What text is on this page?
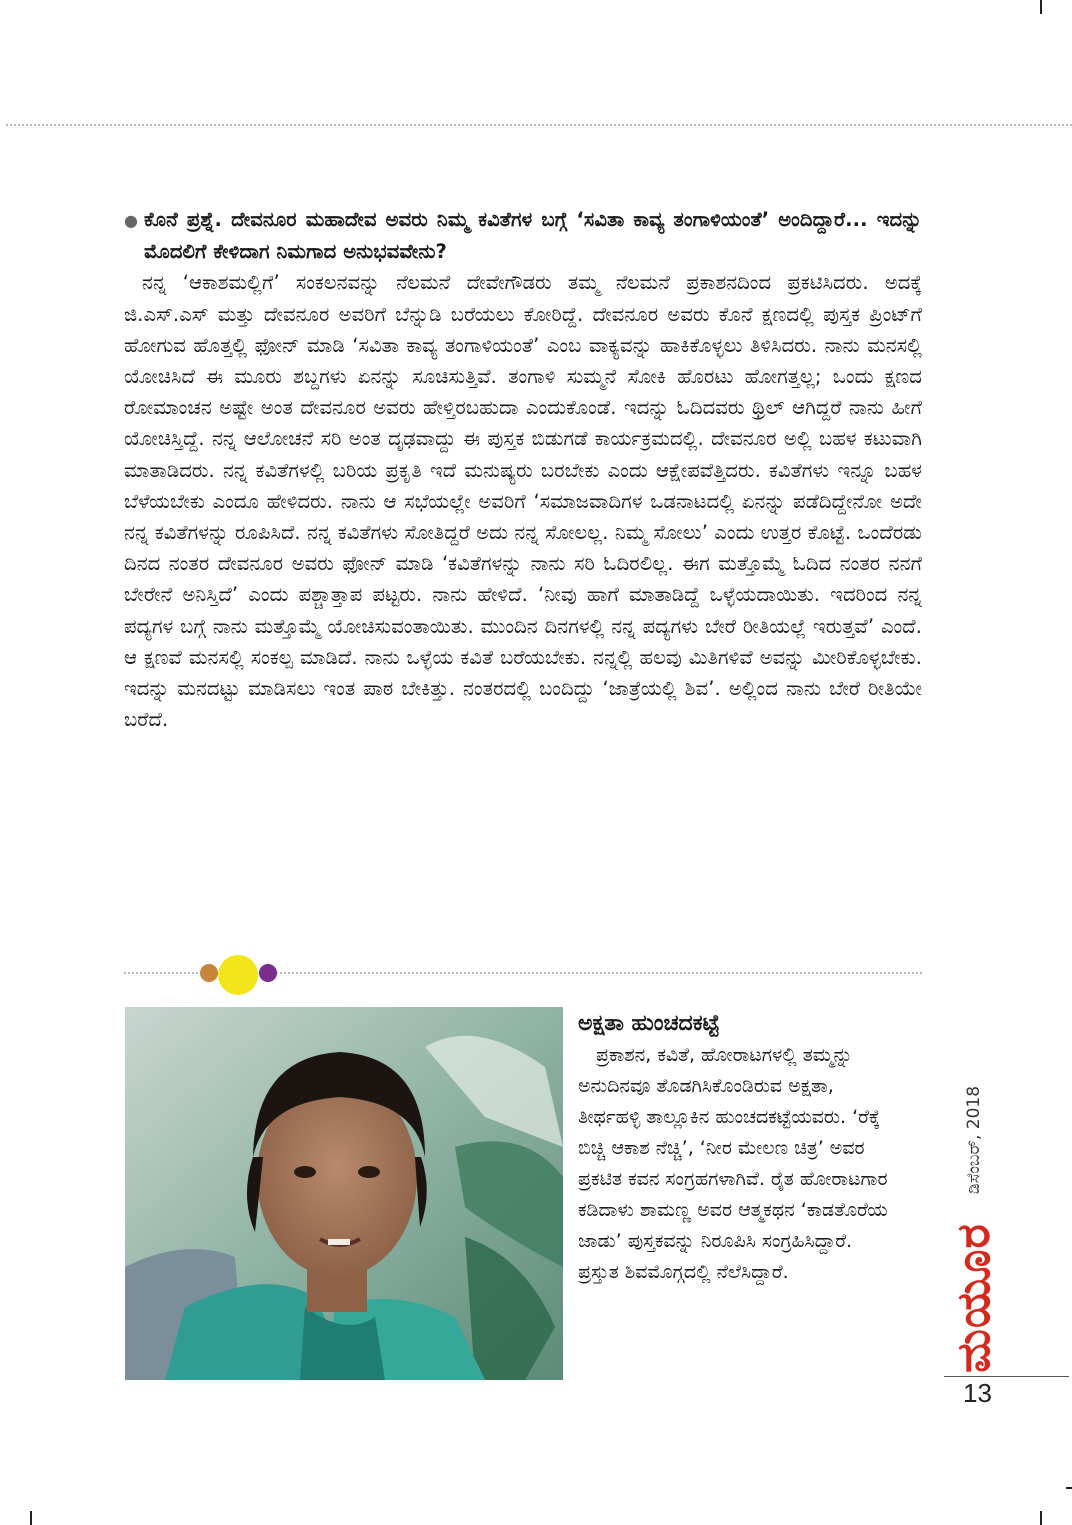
● ಕೊನೆ ಪ್ರಶ್ನೆ. ದೇವನೂರ ಮಹಾದೇವ ಅವರು ನಿಮ್ಮ ಕವಿತೆಗಳ ಬಗ್ಗೆ ‘ಸವಿತಾ ಕಾವ್ಯ ತಂಗಾಳಿಯಂತೆ’ ಅಂದಿದ್ದಾರೆ... ಇದನ್ನು ಮೊದಲಿಗೆ ಕೇಳಿದಾಗ ನಿಮಗಾದ ಅನುಭವವೇನು?

ನನ್ನ ‘ಆಕಾಶಮಲ್ಲಿಗೆ’ ಸಂಕಲನವನ್ನು ನೆಲಮನೆ ದೇವೇಗೌಡರು ತಮ್ಮ ನೆಲಮನೆ ಪ್ರಕಾಶನದಿಂದ ಪ್ರಕಟಿಸಿದರು. ಅದಕ್ಕೆ ಜಿ.ಎಸ್.ಎಸ್ ಮತ್ತು ದೇವನೂರ ಅವರಿಗೆ ಬೆನ್ನುಡಿ ಬರೆಯಲು ಕೋರಿದ್ದೆ. ದೇವನೂರ ಅವರು ಕೊನೆ ಕ್ಷಣದಲ್ಲಿ ಪುಸ್ತಕ ಪ್ರಿಂಟ್‌ಗೆ ಹೋಗುವ ಹೊತ್ತಲ್ಲಿ ಫೋನ್ ಮಾಡಿ ‘ಸವಿತಾ ಕಾವ್ಯ ತಂಗಾಳಿಯಂತೆ’ ಎಂಬ ವಾಕ್ಯವನ್ನು ಹಾಕಿಕೊಳ್ಳಲು ತಿಳಿಸಿದರು. ನಾನು ಮನಸಲ್ಲಿ ಯೋಚಿಸಿದೆ ಈ ಮೂರು ಶಬ್ದಗಳು ಏನನ್ನು ಸೂಚಿಸುತ್ತಿವೆ. ತಂಗಾಳಿ ಸುಮ್ಮನೆ ಸೋಕಿ ಹೊರಟು ಹೋಗತ್ತಲ್ಲ; ಒಂದು ಕ್ಷಣದ ರೋಮಾಂಚನ ಅಷ್ಟೇ ಅಂತ ದೇವನೂರ ಅವರು ಹೇಳ್ತಿರಬಹುದಾ ಎಂದುಕೊಂಡೆ. ಇದನ್ನು ಓದಿದವರು ಥ್ರಿಲ್ ಆಗಿದ್ದರೆ ನಾನು ಹೀಗೆ ಯೋಚಿಸ್ತಿದ್ದೆ. ನನ್ನ ಆಲೋಚನೆ ಸರಿ ಅಂತ ದೃಢವಾದ್ದು ಈ ಪುಸ್ತಕ ಬಿಡುಗಡೆ ಕಾರ್ಯಕ್ರಮದಲ್ಲಿ. ದೇವನೂರ ಅಲ್ಲಿ ಬಹಳ ಕಟುವಾಗಿ ಮಾತಾಡಿದರು. ನನ್ನ ಕವಿತೆಗಳಲ್ಲಿ ಬರಿಯ ಪ್ರಕೃತಿ ಇದೆ ಮನುಷ್ಯರು ಬರಬೇಕು ಎಂದು ಆಕ್ಷೇಪವೆತ್ತಿದರು. ಕವಿತೆಗಳು ಇನ್ನೂ ಬಹಳ ಬೆಳೆಯಬೇಕು ಎಂದೂ ಹೇಳಿದರು. ನಾನು ಆ ಸಭೆಯಲ್ಲೇ ಅವರಿಗೆ ‘ಸಮಾಜವಾದಿಗಳ ಒಡನಾಟದಲ್ಲಿ ಏನನ್ನು ಪಡೆದಿದ್ದೇನೋ ಅದೇ ನನ್ನ ಕವಿತೆಗಳನ್ನು ರೂಪಿಸಿದೆ. ನನ್ನ ಕವಿತೆಗಳು ಸೋತಿದ್ದರೆ ಅದು ನನ್ನ ಸೋಲಲ್ಲ. ನಿಮ್ಮ ಸೋಲು’ ಎಂದು ಉತ್ತರ ಕೊಟ್ಟೆ. ಒಂದೆರಡು ದಿನದ ನಂತರ ದೇವನೂರ ಅವರು ಫೋನ್ ಮಾಡಿ ‘ಕವಿತೆಗಳನ್ನು ನಾನು ಸರಿ ಓದಿರಲಿಲ್ಲ. ಈಗ ಮತ್ತೊಮ್ಮೆ ಓದಿದ ನಂತರ ನನಗೆ ಬೇರೇನೆ ಅನಿಸ್ತಿದೆ’ ಎಂದು ಪಶ್ಚಾತ್ತಾಪ ಪಟ್ಟರು. ನಾನು ಹೇಳಿದೆ. ‘ನೀವು ಹಾಗೆ ಮಾತಾಡಿದ್ದೆ ಒಳ್ಳೆಯದಾಯಿತು. ಇದರಿಂದ ನನ್ನ ಪದ್ಯಗಳ ಬಗ್ಗೆ ನಾನು ಮತ್ತೊಮ್ಮೆ ಯೋಚಿಸುವಂತಾಯಿತು. ಮುಂದಿನ ದಿನಗಳಲ್ಲಿ ನನ್ನ ಪದ್ಯಗಳು ಬೇರೆ ರೀತಿಯಲ್ಲೆ ಇರುತ್ತವೆ’ ಎಂದೆ. ಆ ಕ್ಷಣವೆ ಮನಸಲ್ಲಿ ಸಂಕಲ್ಪ ಮಾಡಿದೆ. ನಾನು ಒಳ್ಳೆಯ ಕವಿತೆ ಬರೆಯಬೇಕು. ನನ್ನಲ್ಲಿ ಹಲವು ಮಿತಿಗಳಿವೆ ಅವನ್ನು ಮೀರಿಕೊಳ್ಳಬೇಕು. ಇದನ್ನು ಮನದಟ್ಟು ಮಾಡಿಸಲು ಇಂತ ಪಾಠ ಬೇಕಿತ್ತು. ನಂತರದಲ್ಲಿ ಬಂದಿದ್ದು ‘ಜಾತ್ರೆಯಲ್ಲಿ ಶಿವ’. ಅಲ್ಲಿಂದ ನಾನು ಬೇರೆ ರೀತಿಯೇ ಬರೆದೆ.

ಅಕ್ಷತಾ ಹುಂಚದಕಟ್ಟೆ

ಪ್ರಕಾಶನ, ಕವಿತೆ, ಹೋರಾಟಗಳಲ್ಲಿ ತಮ್ಮನ್ನು ಅನುದಿನವೂ ತೊಡಗಿಸಿಕೊಂಡಿರುವ ಅಕ್ಷತಾ, ತೀರ್ಥಹಳ್ಳಿ ತಾಲ್ಲೂಕಿನ ಹುಂಚದಕಟ್ಟೆಯವರು. ‘ರೆಕ್ಕೆ ಬಿಚ್ಚಿ ಆಕಾಶ ನೆಚ್ಚಿ’, ‘ನೀರ ಮೇಲಣ ಚಿತ್ರ’ ಅವರ ಪ್ರಕಟಿತ ಕವನ ಸಂಗ್ರಹಗಳಾಗಿವೆ. ರೈತ ಹೋರಾಟಗಾರ ಕಡಿದಾಳು ಶಾಮಣ್ಣ ಅವರ ಆತ್ಮಕಥನ ‘ಕಾಡತೊರೆಯ ಜಾಡು’ ಪುಸ್ತಕವನ್ನು ನಿರೂಪಿಸಿ ಸಂಗ್ರಹಿಸಿದ್ದಾರೆ. ಪ್ರಸ್ತುತ ಶಿವಮೊಗ್ಗದಲ್ಲಿ ನೆಲೆಸಿದ್ದಾರೆ.

ಡಿಸೆಂಬರ್, 2018
ಮಯೂರ
13
